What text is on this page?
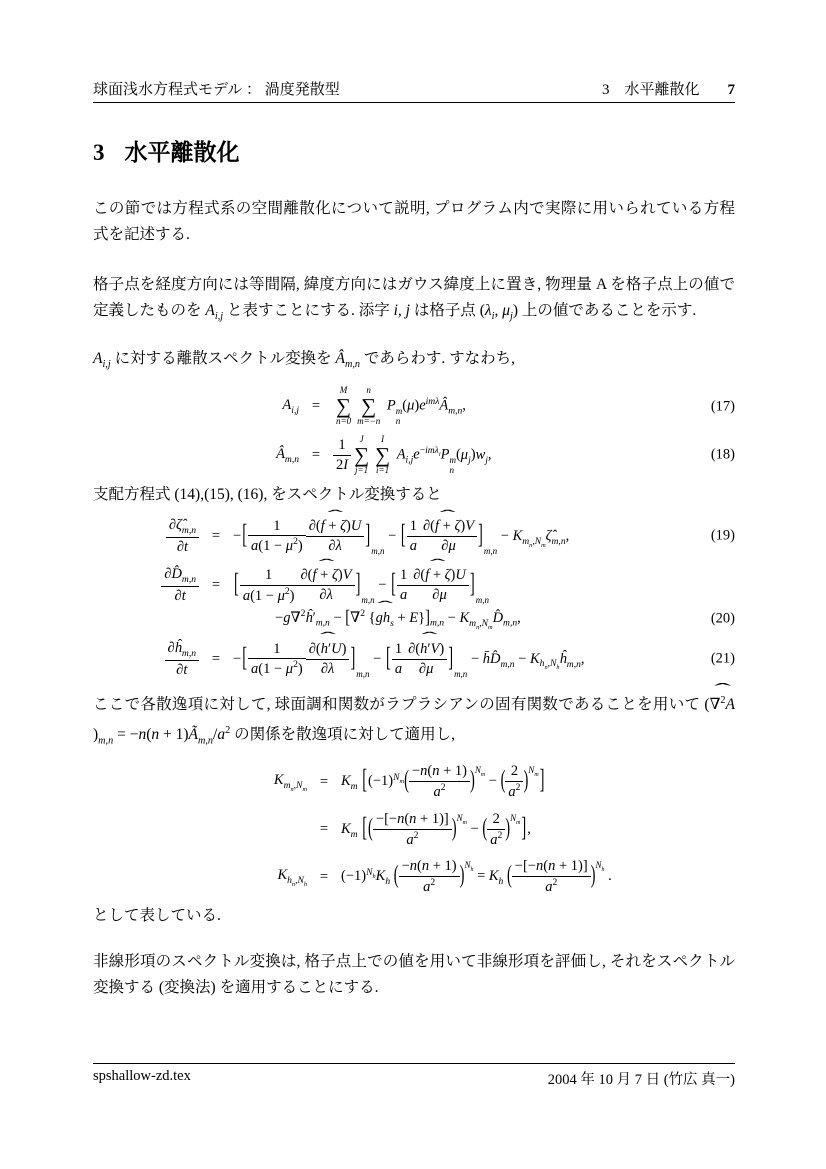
球面浅水方程式モデル ： 渦度発散型	3　水平離散化 7
3 水平離散化

この節では方程式系の空間離散化について説明, プログラム内で実際に用いられている方程式を記述する.

格子点を経度方向には等間隔, 緯度方向にはガウス緯度上に置き, 物理量 A を格子点上の値で定義したものを $A_{i,j}$ と表すことにする. 添字 i, j は格子点 ($\lambda_i$, $\mu_j$) 上の値であることを示す.

$A_{i,j}$ に対する離散スペクトル変換を $Â_{m,n}$ であらわす. すなわち,

$A_{i,j}$ =
M
∑
n=0
n
∑
m=−n
P m
n
$(\mu)e^{im\lambda}Â_{m,n}$,	(17)
$Â_{m,n} = \frac{1}{2I}$ J
∑
j=1
I
∑
i=1
$A_{i,j}e^{-im\lambda_i}P$ m
n
$(\mu_j)w_j$,	(18)

支配方程式 (14),(15), (16), をスペクトル変換すると

$\frac{\partial\zetâ_{m,n}}{\partial t}$ = −[ $\frac{1}{a(1 - \mu^2)}$ ˆ $\frac{\partial(f + \zeta)U}{\partial\lambda} ]_{m,n}$ − [ $\frac{1}{a} \frac{\text{∂(ˆ f + ζ)V}}{\partial\mu} ]_{m,n}$ − $K_{m_n,N_m}\zetâ_{m,n}$,	(19)
$\frac{\partial D̂_{m,n}}{\partial t}$ = [ $\frac{1}{a(1 - \mu^2)}$ ˆ $\frac{\partial(f + \zeta)V}{\partial\lambda} ]_{m,n}$ − [ $\frac{1}{a} \frac{\text{∂(ˆ f + ζ)U}}{\partial\mu} ]_{m,n}$
$-g\nabla^2ĥ'_{m,n} - [\nabla^2$ {ˆ $gh_s + E\}]_{m,n}$ − $K_{m_n,N_m}D̂_{m,n}$,	(20)
$\frac{\partial ĥ_{m,n}}{\partial t}$ = −[ $\frac{1}{a(1 - \mu^2)}$ ˆ $\frac{\partial(h'U)}{\partial\lambda} ]_{m,n}$ − [ $\frac{1}{a} \frac{\text{∂ˆ (h′V)}}{\partial\mu} ]_{m,n}$ − $h̄D̂_{m,n}$ − $K_{h_n,N_h}ĥ_{m,n}$,	(21)

ここで各散逸項に対して, 球面調和関数がラプラシアンの固有関数であることを用いて (ˆ $\nabla^2A)_{m,n} = -n(n$ + $1)Ã_{m,n}/a^2$ の関係を散逸項に対して適用し,

$K_{m_n,N_m} = K_m$ [$(-1)^{N_m}( \frac{-n(n + 1)}{a^2} )^{N_m}$ − ( $\frac{2}{a^2} )^{N_m}$]
= $K_m$ [( $\frac{-[-n(n + 1)]}{a^2} )^{N_m}$ − ( $\frac{2}{a^2} )^{N_m}$],
$K_{h_n,N_h} = (-1)^{N_h}K_h$ ( $\frac{-n(n + 1)}{a^2} )^{N_h} = K_h$ ( $\frac{-[-n(n + 1)]}{a^2} )^{N_h}$ .

として表している.

非線形項のスペクトル変換は, 格子点上での値を用いて非線形項を評価し, それをスペクトル変換する (変換法) を適用することにする.

spshallow-zd.tex	2004 年 10 月 7 日 (竹広 真一)
